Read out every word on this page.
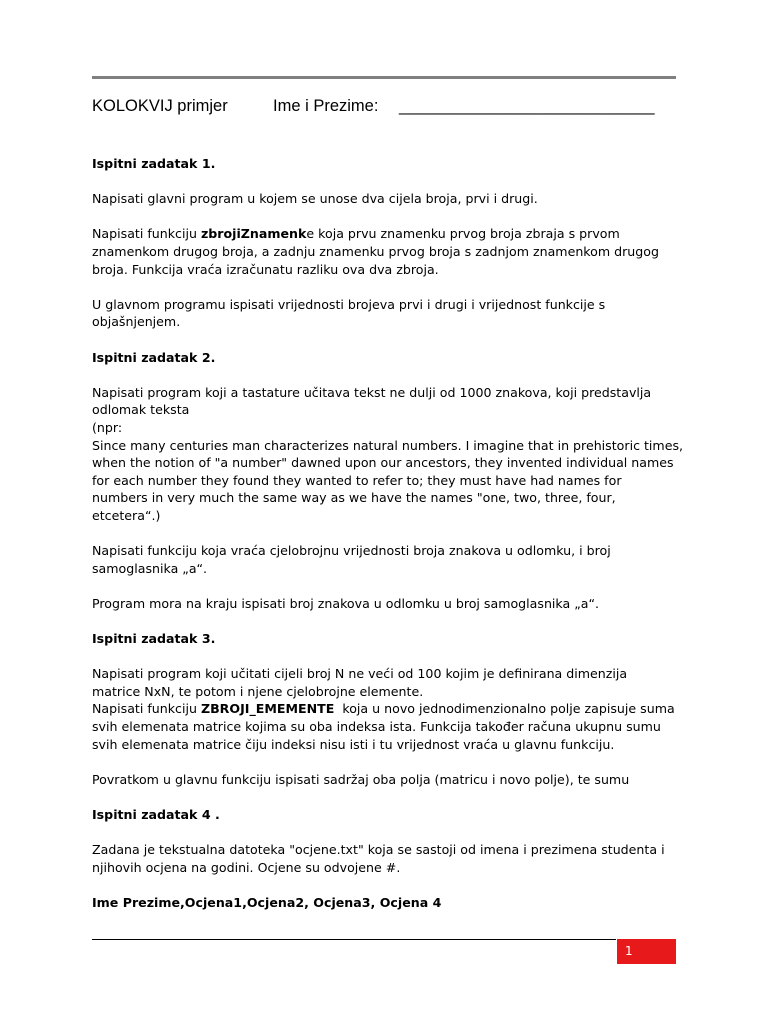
KOLOKVIJ primjer	Ime i Prezime: ____________________________

Ispitni zadatak 1.

Napisati glavni program u kojem se unose dva cijela broja, prvi i drugi.

Napisati funkciju zbrojiZnamenke koja prvu znamenku prvog broja zbraja s prvom
znamenkom drugog broja, a zadnju znamenku prvog broja s zadnjom znamenkom drugog
broja. Funkcija vraća izračunatu razliku ova dva zbroja.

U glavnom programu ispisati vrijednosti brojeva prvi i drugi i vrijednost funkcije s
objašnjenjem.

Ispitni zadatak 2.

Napisati program koji a tastature učitava tekst ne dulji od 1000 znakova, koji predstavlja
odlomak teksta
(npr:
Since many centuries man characterizes natural numbers. I imagine that in prehistoric times,
when the notion of "a number" dawned upon our ancestors, they invented individual names
for each number they found they wanted to refer to; they must have had names for
numbers in very much the same way as we have the names "one, two, three, four,
etcetera“.)

Napisati funkciju koja vraća cjelobrojnu vrijednosti broja znakova u odlomku, i broj
samoglasnika „a“.

Program mora na kraju ispisati broj znakova u odlomku u broj samoglasnika „a“.

Ispitni zadatak 3.

Napisati program koji učitati cijeli broj N ne veći od 100 kojim je definirana dimenzija
matrice NxN, te potom i njene cjelobrojne elemente.
Napisati funkciju ZBROJI_EMEMENTE  koja u novo jednodimenzionalno polje zapisuje suma
svih elemenata matrice kojima su oba indeksa ista. Funkcija također računa ukupnu sumu
svih elemenata matrice čiju indeksi nisu isti i tu vrijednost vraća u glavnu funkciju.

Povratkom u glavnu funkciju ispisati sadržaj oba polja (matricu i novo polje), te sumu

Ispitni zadatak 4 .

Zadana je tekstualna datoteka "ocjene.txt" koja se sastoji od imena i prezimena studenta i
njihovih ocjena na godini. Ocjene su odvojene #.

Ime Prezime,Ocjena1,Ocjena2, Ocjena3, Ocjena 4

1
